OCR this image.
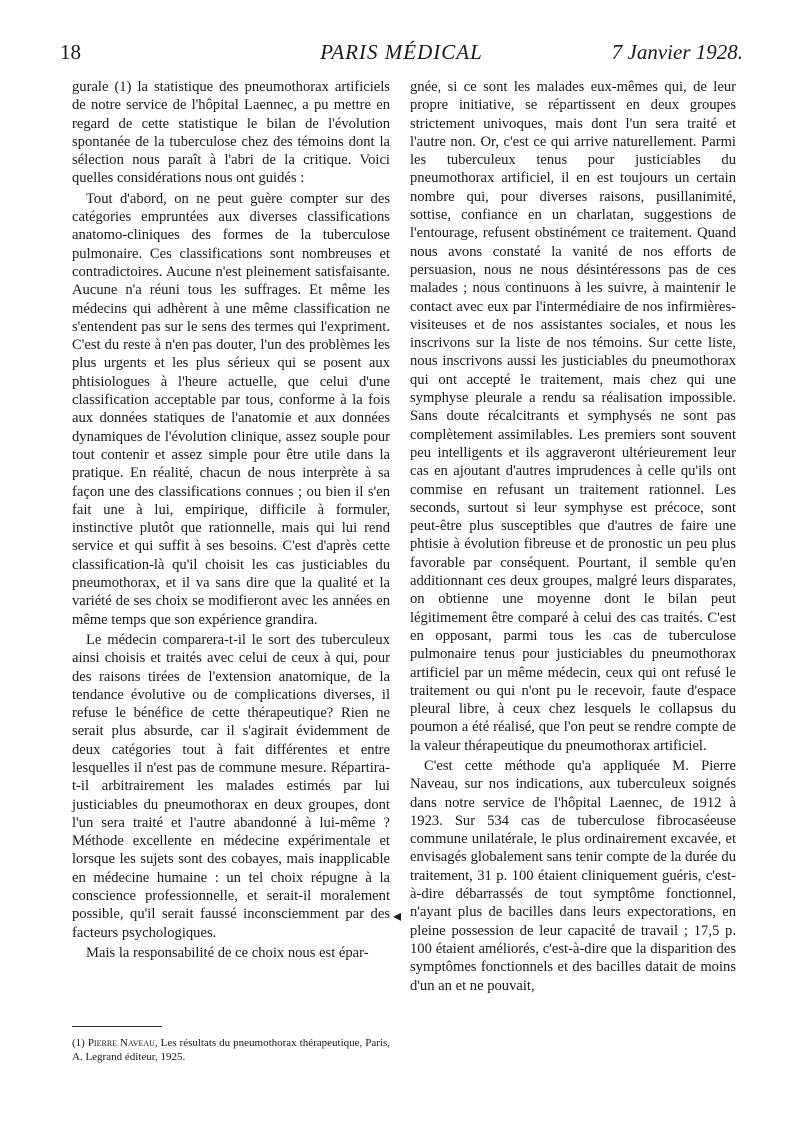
18	PARIS MÉDICAL	7 Janvier 1928.

gurale (1) la statistique des pneumothorax artificiels de notre service de l'hôpital Laennec, a pu mettre en regard de cette statistique le bilan de l'évolution spontanée de la tuberculose chez des témoins dont la sélection nous paraît à l'abri de la critique. Voici quelles considérations nous ont guidés :

Tout d'abord, on ne peut guère compter sur des catégories empruntées aux diverses classifications anatomo-cliniques des formes de la tuberculose pulmonaire. Ces classifications sont nombreuses et contradictoires. Aucune n'est pleinement satisfaisante. Aucune n'a réuni tous les suffrages. Et même les médecins qui adhèrent à une même classification ne s'entendent pas sur le sens des termes qui l'expriment. C'est du reste à n'en pas douter, l'un des problèmes les plus urgents et les plus sérieux qui se posent aux phtisiologues à l'heure actuelle, que celui d'une classification acceptable par tous, conforme à la fois aux données statiques de l'anatomie et aux données dynamiques de l'évolution clinique, assez souple pour tout contenir et assez simple pour être utile dans la pratique. En réalité, chacun de nous interprète à sa façon une des classifications connues ; ou bien il s'en fait une à lui, empirique, difficile à formuler, instinctive plutôt que rationnelle, mais qui lui rend service et qui suffit à ses besoins. C'est d'après cette classification-là qu'il choisit les cas justiciables du pneumothorax, et il va sans dire que la qualité et la variété de ses choix se modifieront avec les années en même temps que son expérience grandira.

Le médecin comparera-t-il le sort des tuberculeux ainsi choisis et traités avec celui de ceux à qui, pour des raisons tirées de l'extension anatomique, de la tendance évolutive ou de complications diverses, il refuse le bénéfice de cette thérapeutique? Rien ne serait plus absurde, car il s'agirait évidemment de deux catégories tout à fait différentes et entre lesquelles il n'est pas de commune mesure. Répartira-t-il arbitrairement les malades estimés par lui justiciables du pneumothorax en deux groupes, dont l'un sera traité et l'autre abandonné à lui-même ? Méthode excellente en médecine expérimentale et lorsque les sujets sont des cobayes, mais inapplicable en médecine humaine : un tel choix répugne à la conscience professionnelle, et serait-il moralement possible, qu'il serait faussé inconsciemment par des facteurs psychologiques.

Mais la responsabilité de ce choix nous est épar-

gnée, si ce sont les malades eux-mêmes qui, de leur propre initiative, se répartissent en deux groupes strictement univoques, mais dont l'un sera traité et l'autre non. Or, c'est ce qui arrive naturellement. Parmi les tuberculeux tenus pour justiciables du pneumothorax artificiel, il en est toujours un certain nombre qui, pour diverses raisons, pusillanimité, sottise, confiance en un charlatan, suggestions de l'entourage, refusent obstinément ce traitement. Quand nous avons constaté la vanité de nos efforts de persuasion, nous ne nous désintéressons pas de ces malades ; nous continuons à les suivre, à maintenir le contact avec eux par l'intermédiaire de nos infirmières-visiteuses et de nos assistantes sociales, et nous les inscrivons sur la liste de nos témoins. Sur cette liste, nous inscrivons aussi les justiciables du pneumothorax qui ont accepté le traitement, mais chez qui une symphyse pleurale a rendu sa réalisation impossible. Sans doute récalcitrants et symphysés ne sont pas complètement assimilables. Les premiers sont souvent peu intelligents et ils aggraveront ultérieurement leur cas en ajoutant d'autres imprudences à celle qu'ils ont commise en refusant un traitement rationnel. Les seconds, surtout si leur symphyse est précoce, sont peut-être plus susceptibles que d'autres de faire une phtisie à évolution fibreuse et de pronostic un peu plus favorable par conséquent. Pourtant, il semble qu'en additionnant ces deux groupes, malgré leurs disparates, on obtienne une moyenne dont le bilan peut légitimement être comparé à celui des cas traités. C'est en opposant, parmi tous les cas de tuberculose pulmonaire tenus pour justiciables du pneumothorax artificiel par un même médecin, ceux qui ont refusé le traitement ou qui n'ont pu le recevoir, faute d'espace pleural libre, à ceux chez lesquels le collapsus du poumon a été réalisé, que l'on peut se rendre compte de la valeur thérapeutique du pneumothorax artificiel.

C'est cette méthode qu'a appliquée M. Pierre Naveau, sur nos indications, aux tuberculeux soignés dans notre service de l'hôpital Laennec, de 1912 à 1923. Sur 534 cas de tuberculose fibrocaséeuse commune unilatérale, le plus ordinairement excavée, et envisagés globalement sans tenir compte de la durée du traitement, 31 p. 100 étaient cliniquement guéris, c'est-à-dire débarrassés de tout symptôme fonctionnel, n'ayant plus de bacilles dans leurs expectorations, en pleine possession de leur capacité de travail ; 17,5 p. 100 étaient améliorés, c'est-à-dire que la disparition des symptômes fonctionnels et des bacilles datait de moins d'un an et ne pouvait,

◂
(1) Pierre Naveau, Les résultats du pneumothorax thérapeutique, Paris, A. Legrand éditeur, 1925.
